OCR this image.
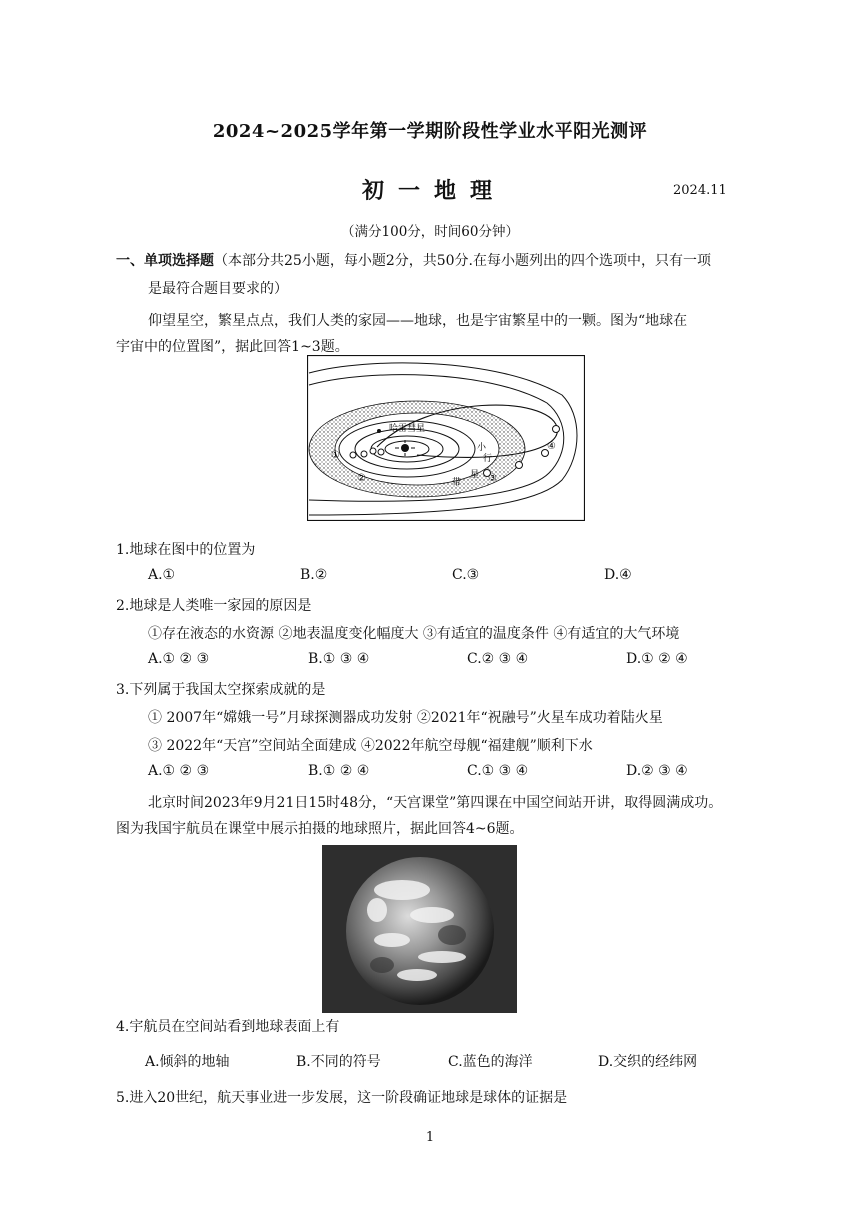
2024~2025学年第一学期阶段性学业水平阳光测评
初一地理	2024.11
（满分100分，时间60分钟）
一、单项选择题（本部分共25小题，每小题2分，共50分.在每小题列出的四个选项中，只有一项
是最符合题目要求的）
仰望星空，繁星点点，我们人类的家园——地球，也是宇宙繁星中的一颗。图为“地球在
宇宙中的位置图”，据此回答1~3题。
哈雷彗星
①
②	③
④
小
行
带
星
1.地球在图中的位置为
A.①	B.②	C.③	D.④
2.地球是人类唯一家园的原因是
①存在液态的水资源 ②地表温度变化幅度大 ③有适宜的温度条件 ④有适宜的大气环境
A.① ② ③	B.① ③ ④	C.② ③ ④	D.① ② ④
3.下列属于我国太空探索成就的是
① 2007年“嫦娥一号”月球探测器成功发射 ②2021年“祝融号”火星车成功着陆火星
③ 2022年“天宫”空间站全面建成 ④2022年航空母舰“福建舰”顺利下水
A.① ② ③	B.① ② ④	C.① ③ ④	D.② ③ ④
北京时间2023年9月21日15时48分，“天宫课堂”第四课在中国空间站开讲，取得圆满成功。
图为我国宇航员在课堂中展示拍摄的地球照片，据此回答4~6题。
4.宇航员在空间站看到地球表面上有
A.倾斜的地轴	B.不同的符号	C.蓝色的海洋	D.交织的经纬网
5.进入20世纪，航天事业进一步发展，这一阶段确证地球是球体的证据是
1
